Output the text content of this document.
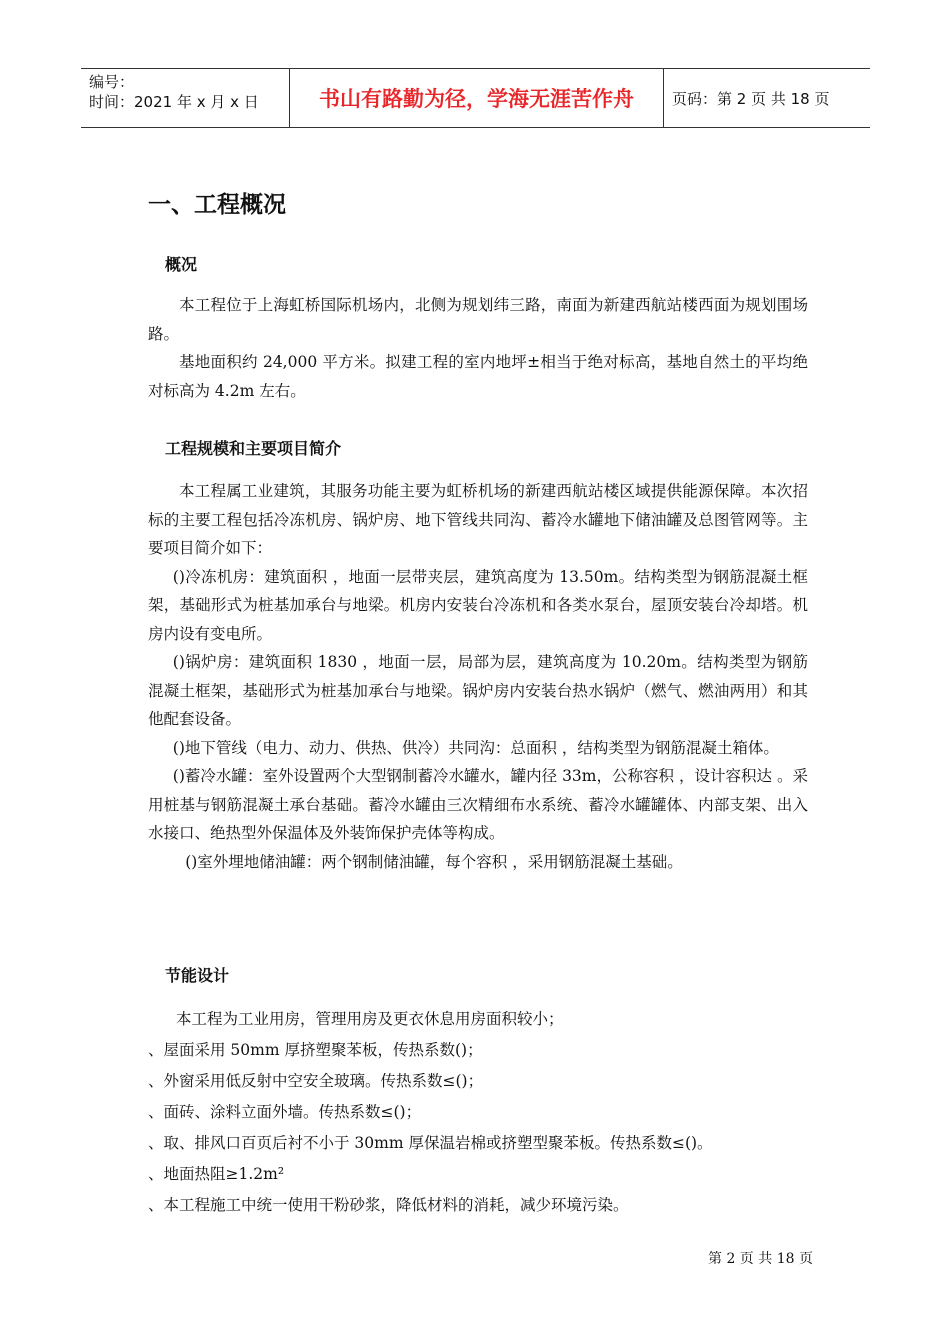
编号：
时间：2021 年 x 月 x 日	书山有路勤为径，学海无涯苦作舟	页码：第 2 页 共 18 页
一、工程概况
概况

本工程位于上海虹桥国际机场内，北侧为规划纬三路，南面为新建西航站楼西面为规划围场路。

基地面积约 24,000 平方米。拟建工程的室内地坪±相当于绝对标高，基地自然土的平均绝对标高为 4.2m 左右。

工程规模和主要项目简介

本工程属工业建筑，其服务功能主要为虹桥机场的新建西航站楼区域提供能源保障。本次招标的主要工程包括冷冻机房、锅炉房、地下管线共同沟、蓄冷水罐地下储油罐及总图管网等。主要项目简介如下：

()冷冻机房：建筑面积 ，地面一层带夹层，建筑高度为 13.50m。结构类型为钢筋混凝土框架，基础形式为桩基加承台与地梁。机房内安装台冷冻机和各类水泵台，屋顶安装台冷却塔。机房内设有变电所。

()锅炉房：建筑面积 1830 ，地面一层，局部为层，建筑高度为 10.20m。结构类型为钢筋混凝土框架，基础形式为桩基加承台与地梁。锅炉房内安装台热水锅炉（燃气、燃油两用）和其他配套设备。

()地下管线（电力、动力、供热、供冷）共同沟：总面积 ，结构类型为钢筋混凝土箱体。

()蓄冷水罐：室外设置两个大型钢制蓄冷水罐水，罐内径 33m，公称容积 ，设计容积达 。采用桩基与钢筋混凝土承台基础。蓄冷水罐由三次精细布水系统、蓄冷水罐罐体、内部支架、出入水接口、绝热型外保温体及外装饰保护壳体等构成。

()室外埋地储油罐：两个钢制储油罐，每个容积 ，采用钢筋混凝土基础。

节能设计
本工程为工业用房，管理用房及更衣休息用房面积较小；
、屋面采用 50mm 厚挤塑聚苯板，传热系数()；
、外窗采用低反射中空安全玻璃。传热系数≤()；
、面砖、涂料立面外墙。传热系数≤()；
、取、排风口百页后衬不小于 30mm 厚保温岩棉或挤塑型聚苯板。传热系数≤()。
、地面热阻≥1.2m²
、本工程施工中统一使用干粉砂浆，降低材料的消耗，减少环境污染。
第 2 页 共 18 页
